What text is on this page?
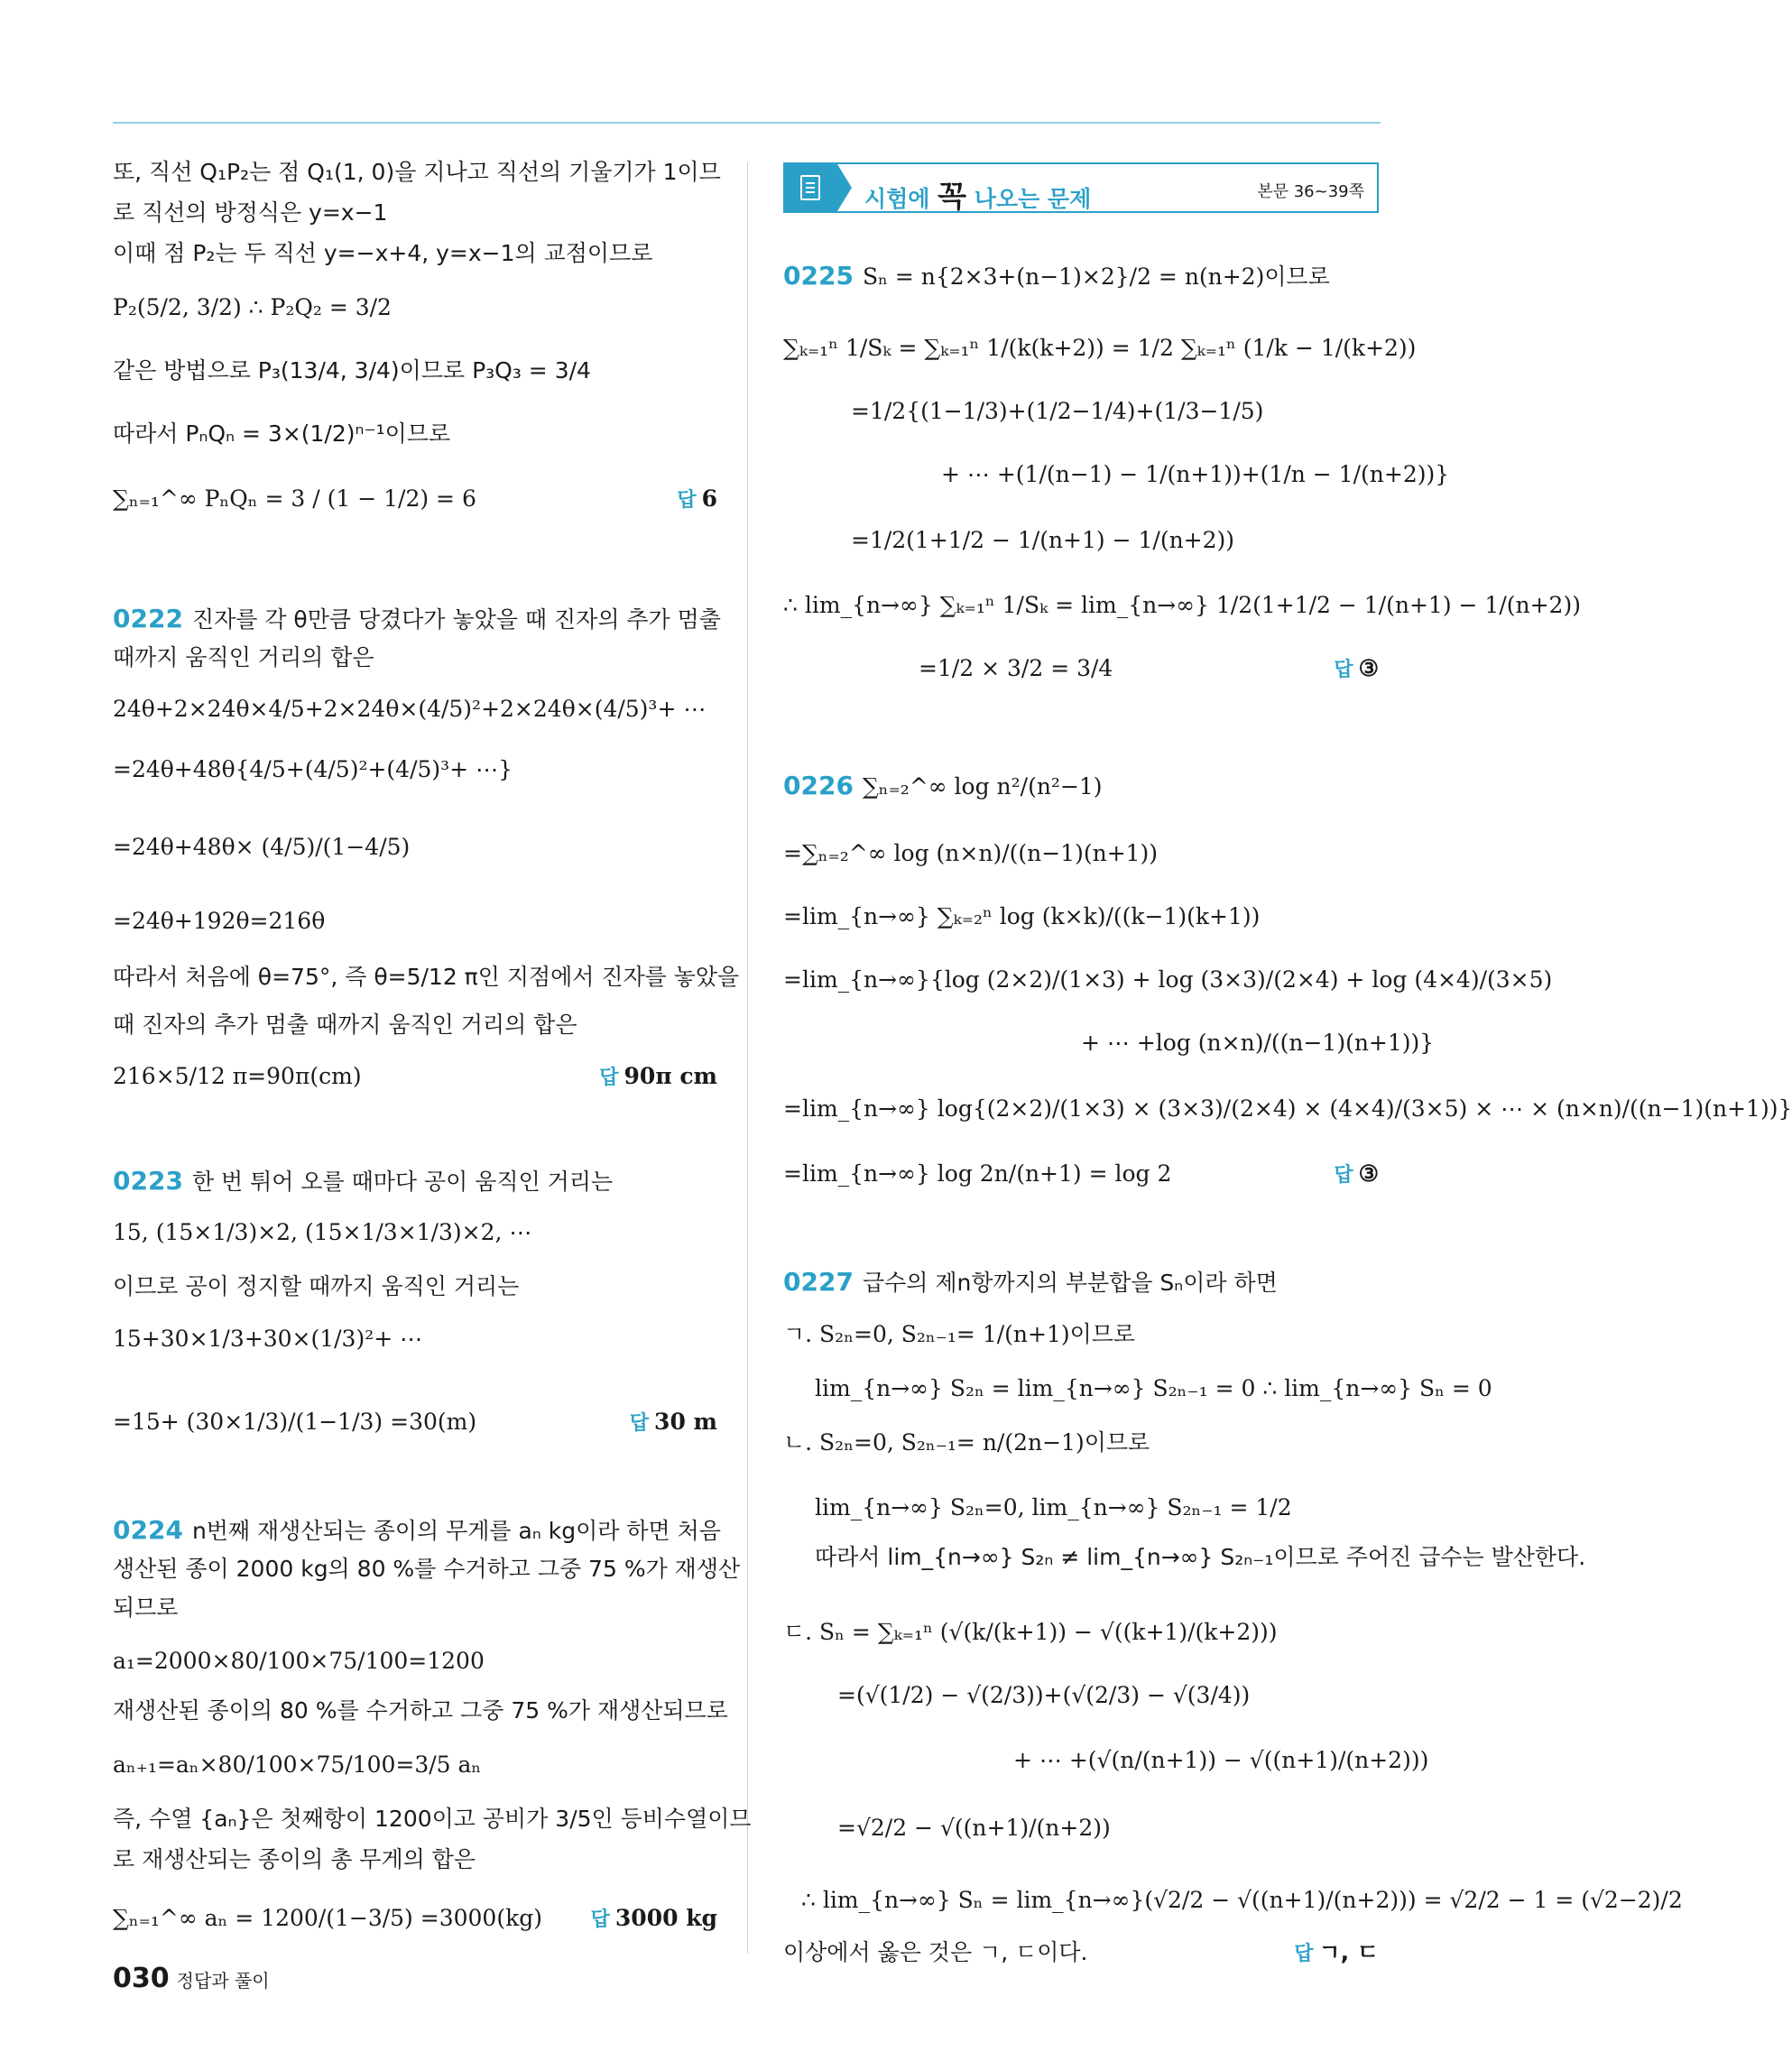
또, 직선 Q₁P₂는 점 Q₁(1, 0)을 지나고 직선의 기울기가 1이므
로 직선의 방정식은 y=x−1
이때 점 P₂는 두 직선 y=−x+4, y=x−1의 교점이므로
P₂(5/2, 3/2) ∴ P₂Q₂ = 3/2
같은 방법으로 P₃(13/4, 3/4)이므로 P₃Q₃ = 3/4
따라서 PₙQₙ = 3×(1/2)ⁿ⁻¹이므로
∑ₙ₌₁^∞ PₙQₙ = 3 / (1 − 1/2) = 6	답 6
0222 진자를 각 θ만큼 당겼다가 놓았을 때 진자의 추가 멈출
때까지 움직인 거리의 합은
24θ+2×24θ×4/5+2×24θ×(4/5)²+2×24θ×(4/5)³+ ⋯
=24θ+48θ{4/5+(4/5)²+(4/5)³+ ⋯}
=24θ+48θ× (4/5)/(1−4/5)
=24θ+192θ=216θ
따라서 처음에 θ=75°, 즉 θ=5/12 π인 지점에서 진자를 놓았을
때 진자의 추가 멈출 때까지 움직인 거리의 합은
216×5/12 π=90π(cm)	답 90π cm
0223 한 번 튀어 오를 때마다 공이 움직인 거리는
15, (15×1/3)×2, (15×1/3×1/3)×2, ⋯
이므로 공이 정지할 때까지 움직인 거리는
15+30×1/3+30×(1/3)²+ ⋯
=15+ (30×1/3)/(1−1/3) =30(m)	답 30 m
0224 n번째 재생산되는 종이의 무게를 aₙ kg이라 하면 처음
생산된 종이 2000 kg의 80 %를 수거하고 그중 75 %가 재생산
되므로
a₁=2000×80/100×75/100=1200
재생산된 종이의 80 %를 수거하고 그중 75 %가 재생산되므로
aₙ₊₁=aₙ×80/100×75/100=3/5 aₙ
즉, 수열 {aₙ}은 첫째항이 1200이고 공비가 3/5인 등비수열이므
로 재생산되는 종이의 총 무게의 합은
∑ₙ₌₁^∞ aₙ = 1200/(1−3/5) =3000(kg) 답 3000 kg
시험에 꼭 나오는 문제	본문 36~39쪽
0225 Sₙ = n{2×3+(n−1)×2}/2 = n(n+2)이므로
∑ₖ₌₁ⁿ 1/Sₖ = ∑ₖ₌₁ⁿ 1/(k(k+2)) = 1/2 ∑ₖ₌₁ⁿ (1/k − 1/(k+2))
=1/2{(1−1/3)+(1/2−1/4)+(1/3−1/5)
+ ⋯ +(1/(n−1) − 1/(n+1))+(1/n − 1/(n+2))}
=1/2(1+1/2 − 1/(n+1) − 1/(n+2))
∴ lim_{n→∞} ∑ₖ₌₁ⁿ 1/Sₖ = lim_{n→∞} 1/2(1+1/2 − 1/(n+1) − 1/(n+2))
=1/2 × 3/2 = 3/4	답 ③
0226 ∑ₙ₌₂^∞ log n²/(n²−1)
=∑ₙ₌₂^∞ log (n×n)/((n−1)(n+1))
=lim_{n→∞} ∑ₖ₌₂ⁿ log (k×k)/((k−1)(k+1))
=lim_{n→∞}{log (2×2)/(1×3) + log (3×3)/(2×4) + log (4×4)/(3×5)
+ ⋯ +log (n×n)/((n−1)(n+1))}
=lim_{n→∞} log{(2×2)/(1×3) × (3×3)/(2×4) × (4×4)/(3×5) × ⋯ × (n×n)/((n−1)(n+1))}
=lim_{n→∞} log 2n/(n+1) = log 2	답 ③
0227 급수의 제n항까지의 부분합을 Sₙ이라 하면
ㄱ. S₂ₙ=0, S₂ₙ₋₁= 1/(n+1)이므로
lim_{n→∞} S₂ₙ = lim_{n→∞} S₂ₙ₋₁ = 0 ∴ lim_{n→∞} Sₙ = 0
ㄴ. S₂ₙ=0, S₂ₙ₋₁= n/(2n−1)이므로
lim_{n→∞} S₂ₙ=0, lim_{n→∞} S₂ₙ₋₁ = 1/2
따라서 lim_{n→∞} S₂ₙ ≠ lim_{n→∞} S₂ₙ₋₁이므로 주어진 급수는 발산한다.
ㄷ. Sₙ = ∑ₖ₌₁ⁿ (√(k/(k+1)) − √((k+1)/(k+2)))
=(√(1/2) − √(2/3))+(√(2/3) − √(3/4))
+ ⋯ +(√(n/(n+1)) − √((n+1)/(n+2)))
=√2/2 − √((n+1)/(n+2))
∴ lim_{n→∞} Sₙ = lim_{n→∞}(√2/2 − √((n+1)/(n+2))) = √2/2 − 1 = (√2−2)/2
이상에서 옳은 것은 ㄱ, ㄷ이다.	답 ㄱ, ㄷ
030 정답과 풀이
